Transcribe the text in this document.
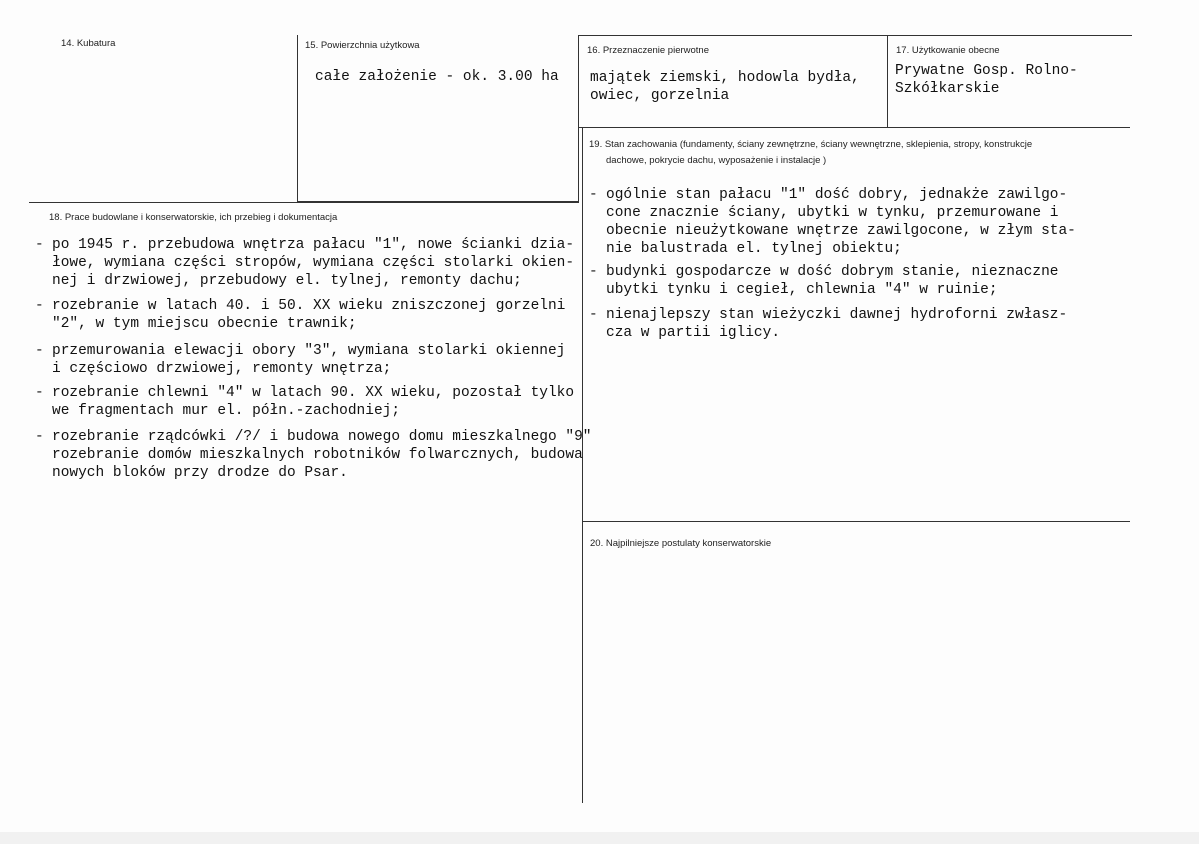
14. Kubatura	15. Powierzchnia użytkowa
całe założenie - ok. 3.00 ha
16. Przeznaczenie pierwotne
majątek ziemski, hodowla bydła,
owiec, gorzelnia
17. Użytkowanie obecne
Prywatne Gosp. Rolno-
Szkółkarskie
19. Stan zachowania (fundamenty, ściany zewnętrzne, ściany wewnętrzne, sklepienia, stropy, konstrukcje
dachowe, pokrycie dachu, wyposażenie i instalacje )
- ogólnie stan pałacu "1" dość dobry, jednakże zawilgo-
cone znacznie ściany, ubytki w tynku, przemurowane i
obecnie nieużytkowane wnętrze zawilgocone, w złym sta-
nie balustrada el. tylnej obiektu;
- budynki gospodarcze w dość dobrym stanie, nieznaczne
ubytki tynku i cegieł, chlewnia "4" w ruinie;
- nienajlepszy stan wieżyczki dawnej hydroforni zwłasz-
cza w partii iglicy.
18. Prace budowlane i konserwatorskie, ich przebieg i dokumentacja
- po 1945 r. przebudowa wnętrza pałacu "1", nowe ścianki dzia-
łowe, wymiana części stropów, wymiana części stolarki okien-
nej i drzwiowej, przebudowy el. tylnej, remonty dachu;
- rozebranie w latach 40. i 50. XX wieku zniszczonej gorzelni
"2", w tym miejscu obecnie trawnik;
- przemurowania elewacji obory "3", wymiana stolarki okiennej
i częściowo drzwiowej, remonty wnętrza;
- rozebranie chlewni "4" w latach 90. XX wieku, pozostał tylko
we fragmentach mur el. półn.-zachodniej;
- rozebranie rządcówki /?/ i budowa nowego domu mieszkalnego "9"
rozebranie domów mieszkalnych robotników folwarcznych, budowa
nowych bloków przy drodze do Psar.
20. Najpilniejsze postulaty konserwatorskie
